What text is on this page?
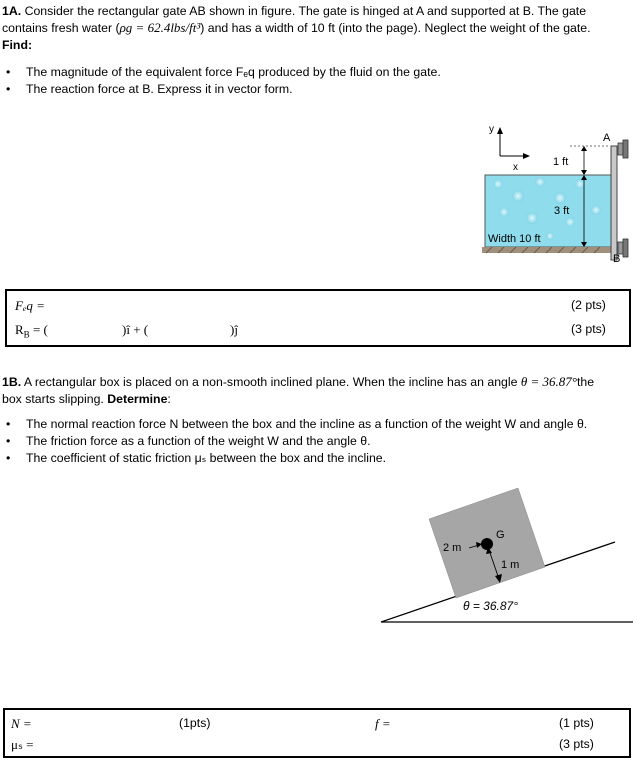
1A. Consider the rectangular gate AB shown in figure. The gate is hinged at A and supported at B. The gate
contains fresh water (ρg = 62.4lbs/ft³) and has a width of 10 ft (into the page). Neglect the weight of the gate.
Find:
• The magnitude of the equivalent force Fₑq produced by the fluid on the gate.
• The reaction force at B. Express it in vector form.
y
x
A
B
1 ft
3 ft
Width 10 ft
Fₑq =	(2 pts)
$R_B$ = (	)î + (	)ĵ	(3 pts)
1B. A rectangular box is placed on a non-smooth inclined plane. When the incline has an angle θ = 36.87°the
box starts slipping. Determine:
• The normal reaction force N between the box and the incline as a function of the weight W and angle θ.
• The friction force as a function of the weight W and the angle θ.
• The coefficient of static friction μₛ between the box and the incline.
G
2 m
1 m
θ = 36.87°
N =	(1pts)	f =	(1 pts)
μₛ =	(3 pts)
